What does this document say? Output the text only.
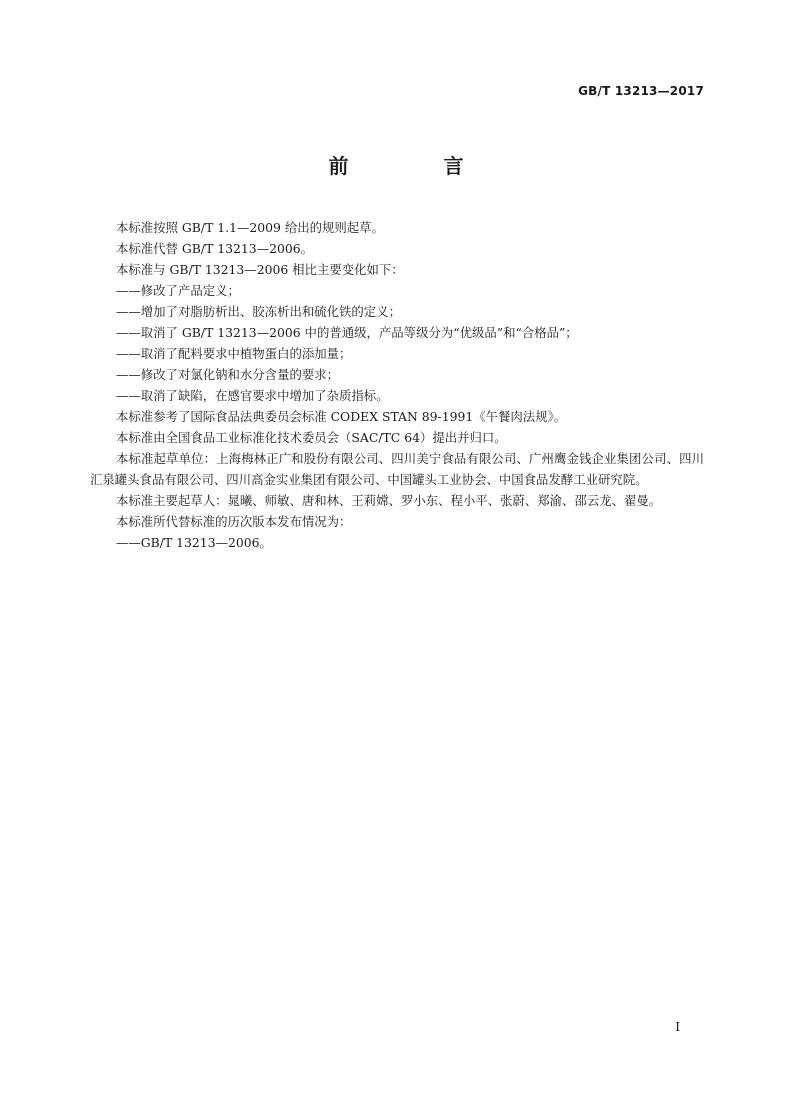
GB/T 13213—2017
前 言

本标准按照 GB/T 1.1—2009 给出的规则起草。

本标准代替 GB/T 13213—2006。

本标准与 GB/T 13213—2006 相比主要变化如下：

——修改了产品定义；

——增加了对脂肪析出、胶冻析出和硫化铁的定义；

——取消了 GB/T 13213—2006 中的普通级，产品等级分为“优级品”和“合格品”；

——取消了配料要求中植物蛋白的添加量；

——修改了对氯化钠和水分含量的要求；

——取消了缺陷，在感官要求中增加了杂质指标。

本标准参考了国际食品法典委员会标准 CODEX STAN 89-1991《午餐肉法规》。

本标准由全国食品工业标准化技术委员会（SAC/TC 64）提出并归口。

本标准起草单位：上海梅林正广和股份有限公司、四川美宁食品有限公司、广州鹰金钱企业集团公司、四川汇泉罐头食品有限公司、四川高金实业集团有限公司、中国罐头工业协会、中国食品发酵工业研究院。

本标准主要起草人：晁曦、师敏、唐和林、王莉嫦、罗小东、程小平、张蔚、郑渝、邵云龙、翟曼。

本标准所代替标准的历次版本发布情况为：

——GB/T 13213—2006。

I
